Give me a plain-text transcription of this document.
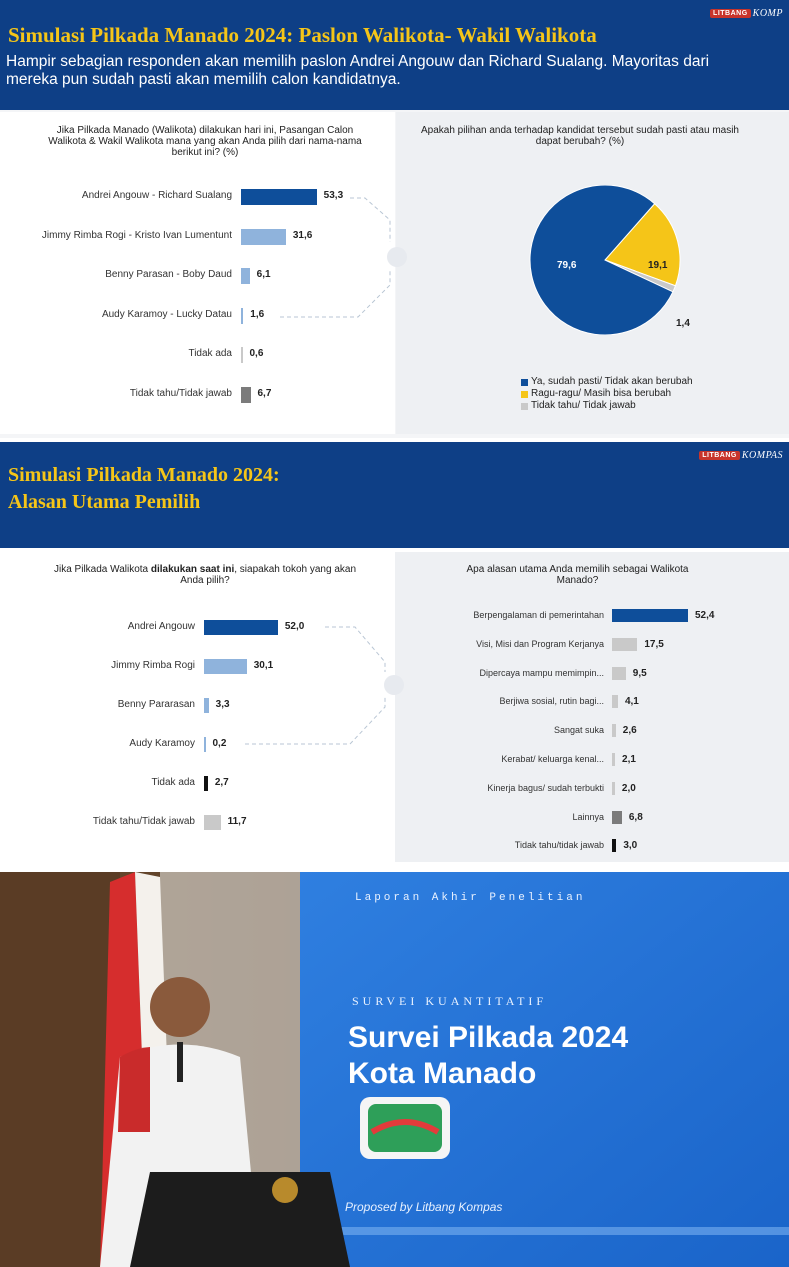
LITBANG KOMP
Simulasi Pilkada Manado 2024: Paslon Walikota- Wakil Walikota
Hampir sebagian responden akan memilih paslon Andrei Angouw dan Richard Sualang. Mayoritas dari
mereka pun sudah pasti akan memilih calon kandidatnya.
Jika Pilkada Manado (Walikota) dilakukan hari ini, Pasangan Calon
Walikota & Wakil Walikota mana yang akan Anda pilih dari nama-nama
berikut ini? (%)
Apakah pilihan anda terhadap kandidat tersebut sudah pasti atau masih
dapat berubah? (%)
Andrei Angouw - Richard Sualang	53,3
Jimmy Rimba Rogi - Kristo Ivan Lumentunt	31,6
Benny Parasan - Boby Daud 6,1
Audy Karamoy - Lucky Datau 1,6
Tidak ada 0,6
Tidak tahu/Tidak jawab	6,7
79,6	19,1
1,4
Ya, sudah pasti/ Tidak akan berubah
Ragu-ragu/ Masih bisa berubah
Tidak tahu/ Tidak jawab
LITBANG KOMPAS
Simulasi Pilkada Manado 2024:
Alasan Utama Pemilih
Jika Pilkada Walikota dilakukan saat ini, siapakah tokoh yang akan
Anda pilih?
Apa alasan utama Anda memilih sebagai Walikota
Manado?
Andrei Angouw	52,0
Jimmy Rimba Rogi	30,1
Benny Pararasan 3,3
Audy Karamoy 0,2
Tidak ada 2,7
Tidak tahu/Tidak jawab	11,7
Berpengalaman di pemerintahan	52,4
Visi, Misi dan Program Kerjanya	17,5
Dipercaya mampu memimpin...	9,5
Berjiwa sosial, rutin bagi... 4,1
Sangat suka 2,6
Kerabat/ keluarga kenal... 2,1
Kinerja bagus/ sudah terbukti 2,0
Lainnya 6,8
Tidak tahu/tidak jawab 3,0
Laporan Akhir Penelitian
SURVEI KUANTITATIF
Survei Pilkada 2024
Kota Manado
Proposed by Litbang Kompas
